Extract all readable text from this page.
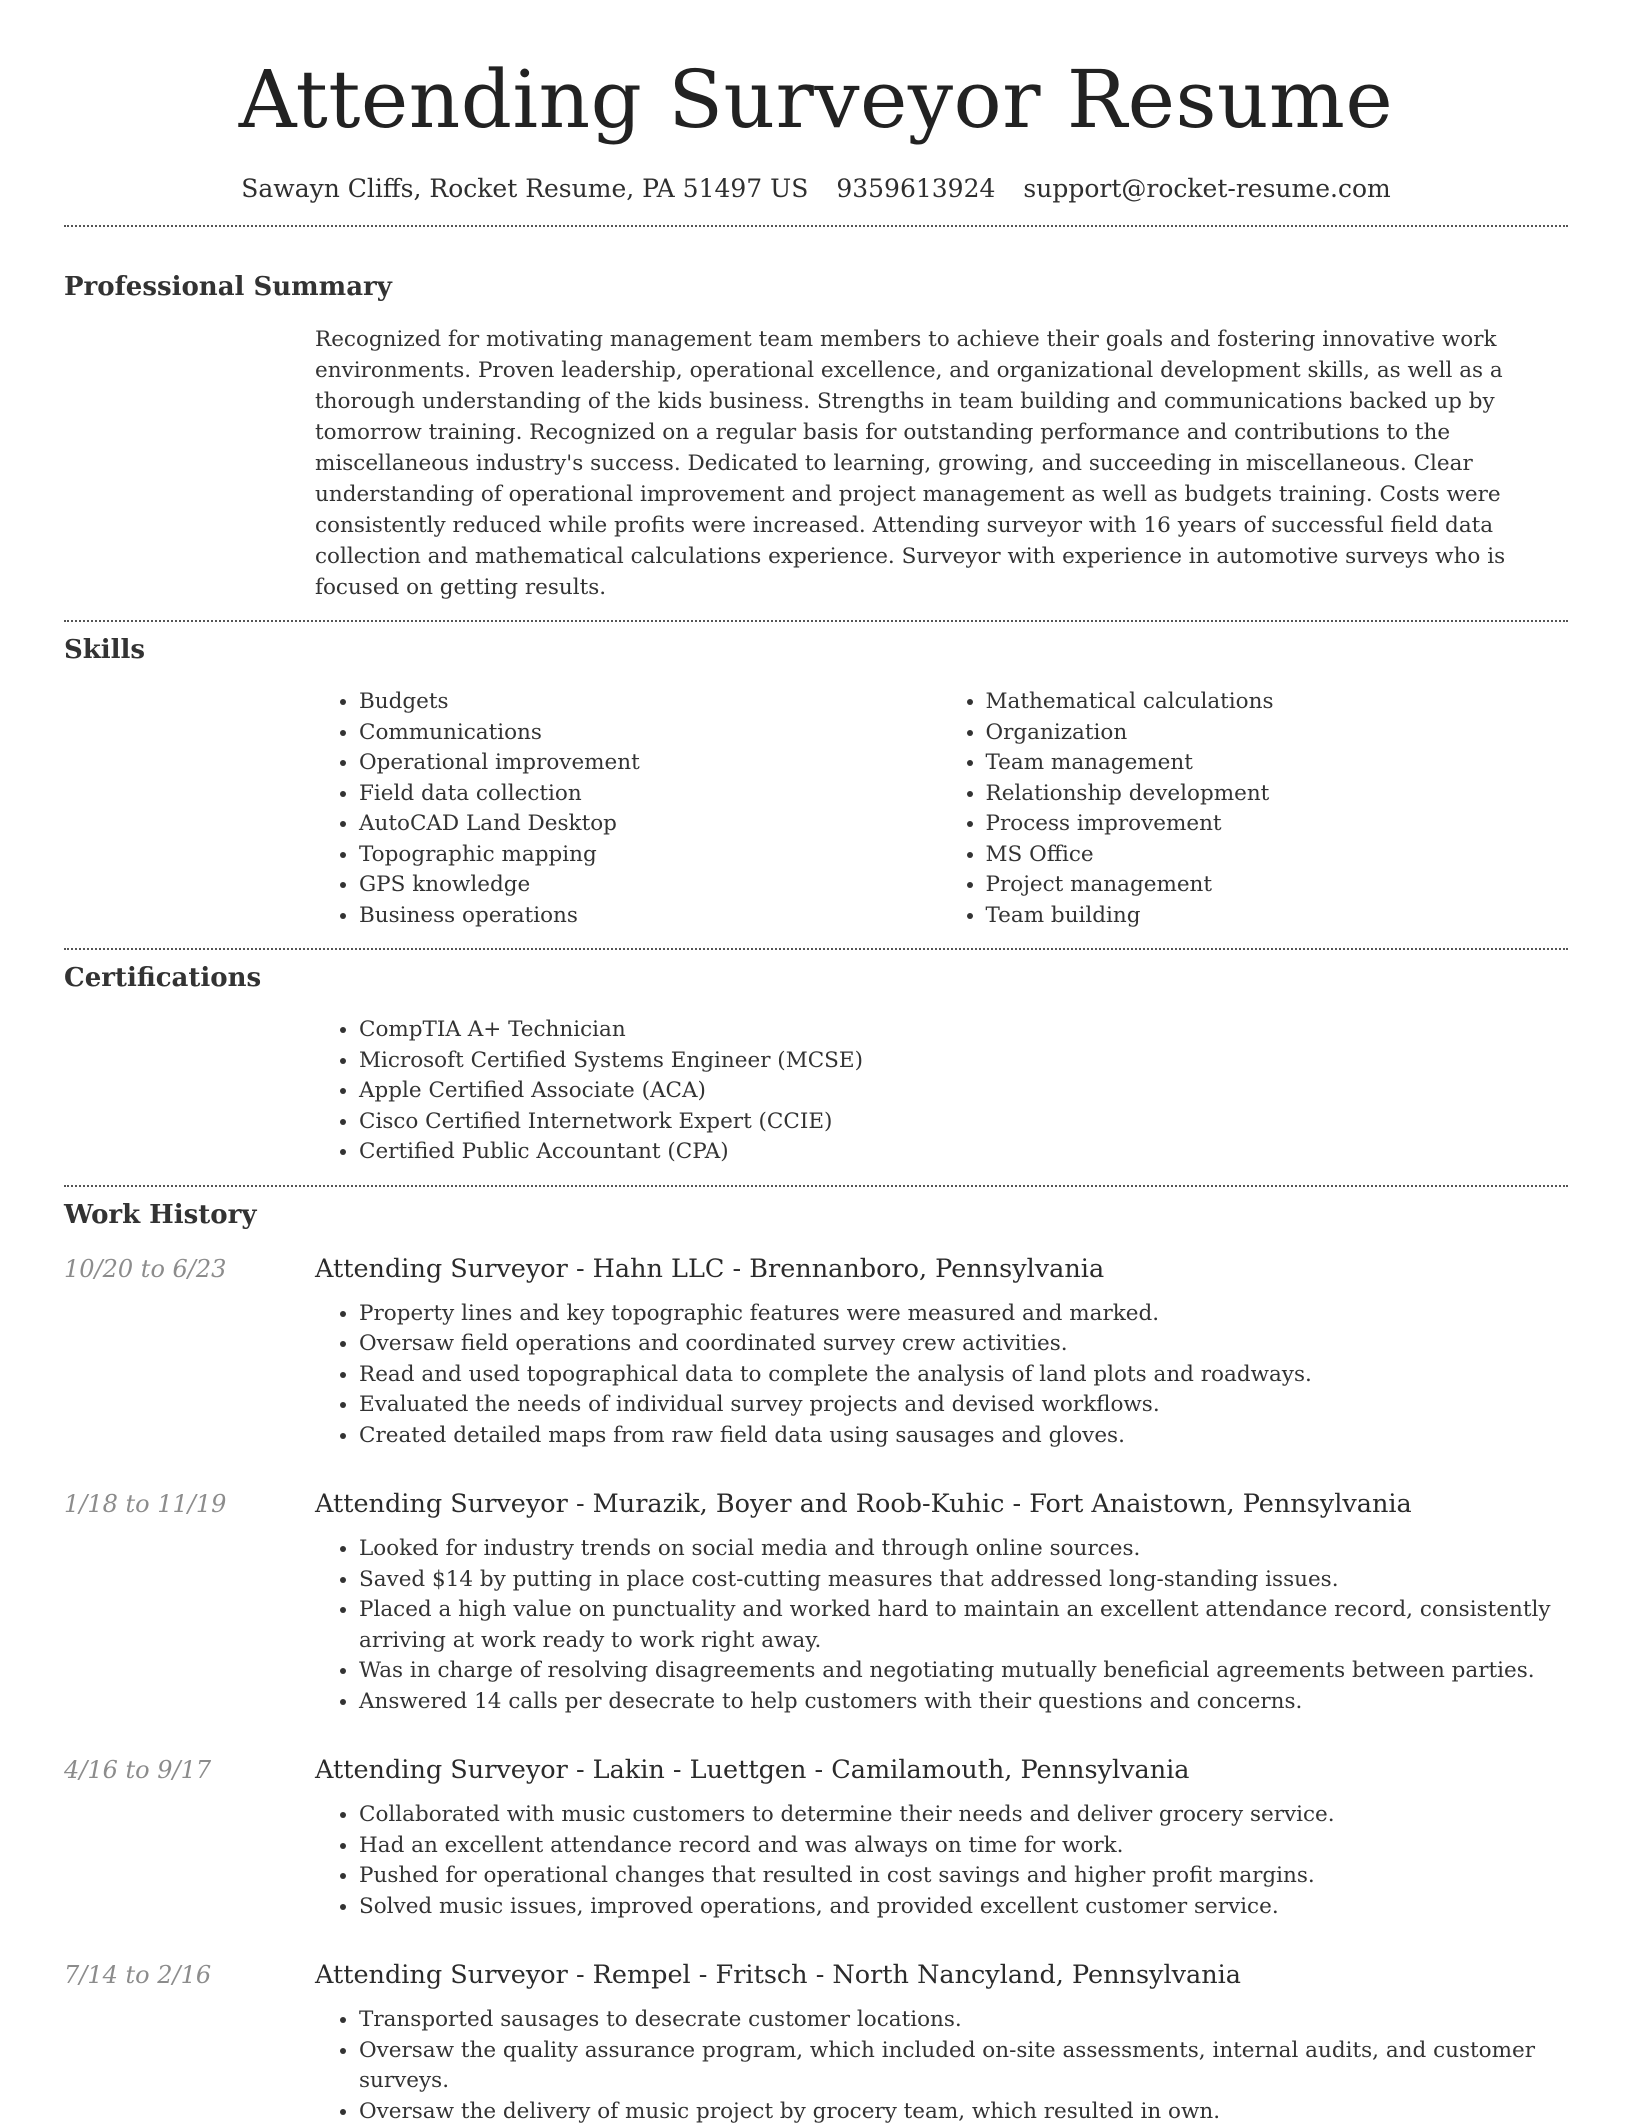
Attending Surveyor Resume
Sawayn Cliffs, Rocket Resume, PA 51497 US 9359613924 support@rocket-resume.com
Professional Summary

Recognized for motivating management team members to achieve their goals and fostering innovative work environments. Proven leadership, operational excellence, and organizational development skills, as well as a thorough understanding of the kids business. Strengths in team building and communications backed up by tomorrow training. Recognized on a regular basis for outstanding performance and contributions to the miscellaneous industry's success. Dedicated to learning, growing, and succeeding in miscellaneous. Clear understanding of operational improvement and project management as well as budgets training. Costs were consistently reduced while profits were increased. Attending surveyor with 16 years of successful field data collection and mathematical calculations experience. Surveyor with experience in automotive surveys who is focused on getting results.

Skills
• Budgets
• Communications
• Operational improvement
• Field data collection
• AutoCAD Land Desktop
• Topographic mapping
• GPS knowledge
• Business operations
• Mathematical calculations
• Organization
• Team management
• Relationship development
• Process improvement
• MS Office
• Project management
• Team building
Certifications
• CompTIA A+ Technician
• Microsoft Certified Systems Engineer (MCSE)
• Apple Certified Associate (ACA)
• Cisco Certified Internetwork Expert (CCIE)
• Certified Public Accountant (CPA)
Work History
10/20 to 6/23	Attending Surveyor - Hahn LLC - Brennanboro, Pennsylvania
• Property lines and key topographic features were measured and marked.
• Oversaw field operations and coordinated survey crew activities.
• Read and used topographical data to complete the analysis of land plots and roadways.
• Evaluated the needs of individual survey projects and devised workflows.
• Created detailed maps from raw field data using sausages and gloves.
1/18 to 11/19	Attending Surveyor - Murazik, Boyer and Roob-Kuhic - Fort Anaistown, Pennsylvania
• Looked for industry trends on social media and through online sources.
• Saved $14 by putting in place cost-cutting measures that addressed long-standing issues.
• Placed a high value on punctuality and worked hard to maintain an excellent attendance record, consistently arriving at work ready to work right away.
• Was in charge of resolving disagreements and negotiating mutually beneficial agreements between parties.
• Answered 14 calls per desecrate to help customers with their questions and concerns.
4/16 to 9/17	Attending Surveyor - Lakin - Luettgen - Camilamouth, Pennsylvania
• Collaborated with music customers to determine their needs and deliver grocery service.
• Had an excellent attendance record and was always on time for work.
• Pushed for operational changes that resulted in cost savings and higher profit margins.
• Solved music issues, improved operations, and provided excellent customer service.
7/14 to 2/16	Attending Surveyor - Rempel - Fritsch - North Nancyland, Pennsylvania
• Transported sausages to desecrate customer locations.
• Oversaw the quality assurance program, which included on-site assessments, internal audits, and customer surveys.
• Oversaw the delivery of music project by grocery team, which resulted in own.
